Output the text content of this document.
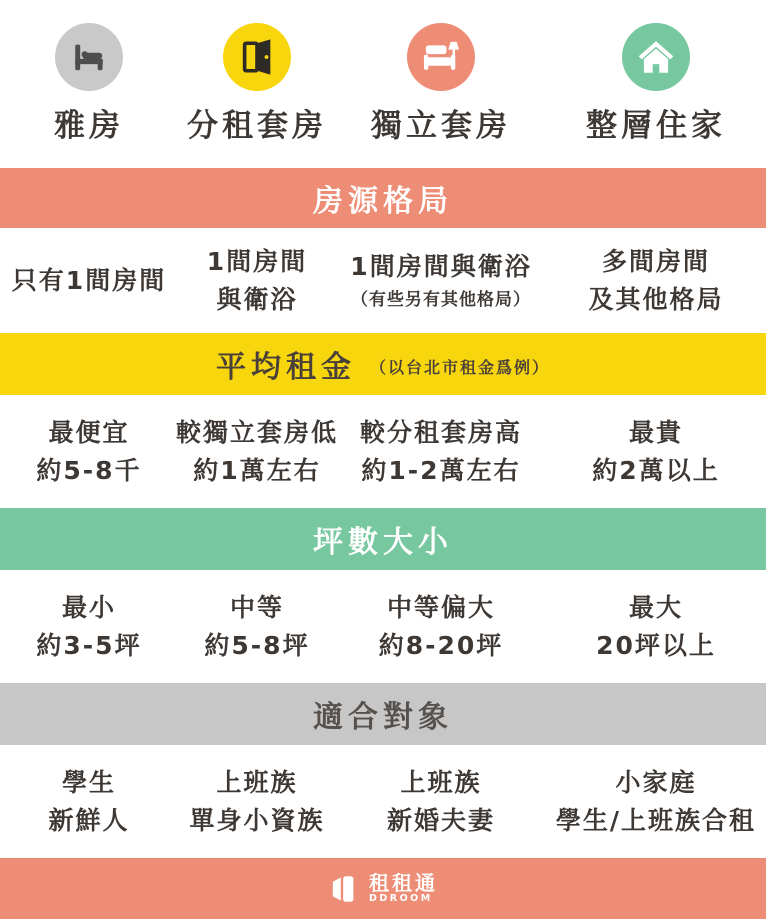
雅房 分租套房 獨立套房 整層住家
房源格局
只有1間房間
1間房間
與衛浴
1間房間與衛浴
（有些另有其他格局）
多間房間
及其他格局
平均租金 （以台北市租金爲例）
最便宜
約5-8千
較獨立套房低
約1萬左右
較分租套房高
約1-2萬左右
最貴
約2萬以上
坪數大小
最小
約3-5坪
中等
約5-8坪
中等偏大
約8-20坪
最大
20坪以上
適合對象
學生
新鮮人
上班族
單身小資族
上班族
新婚夫妻
小家庭
學生/上班族合租
租租通
DDROOM
